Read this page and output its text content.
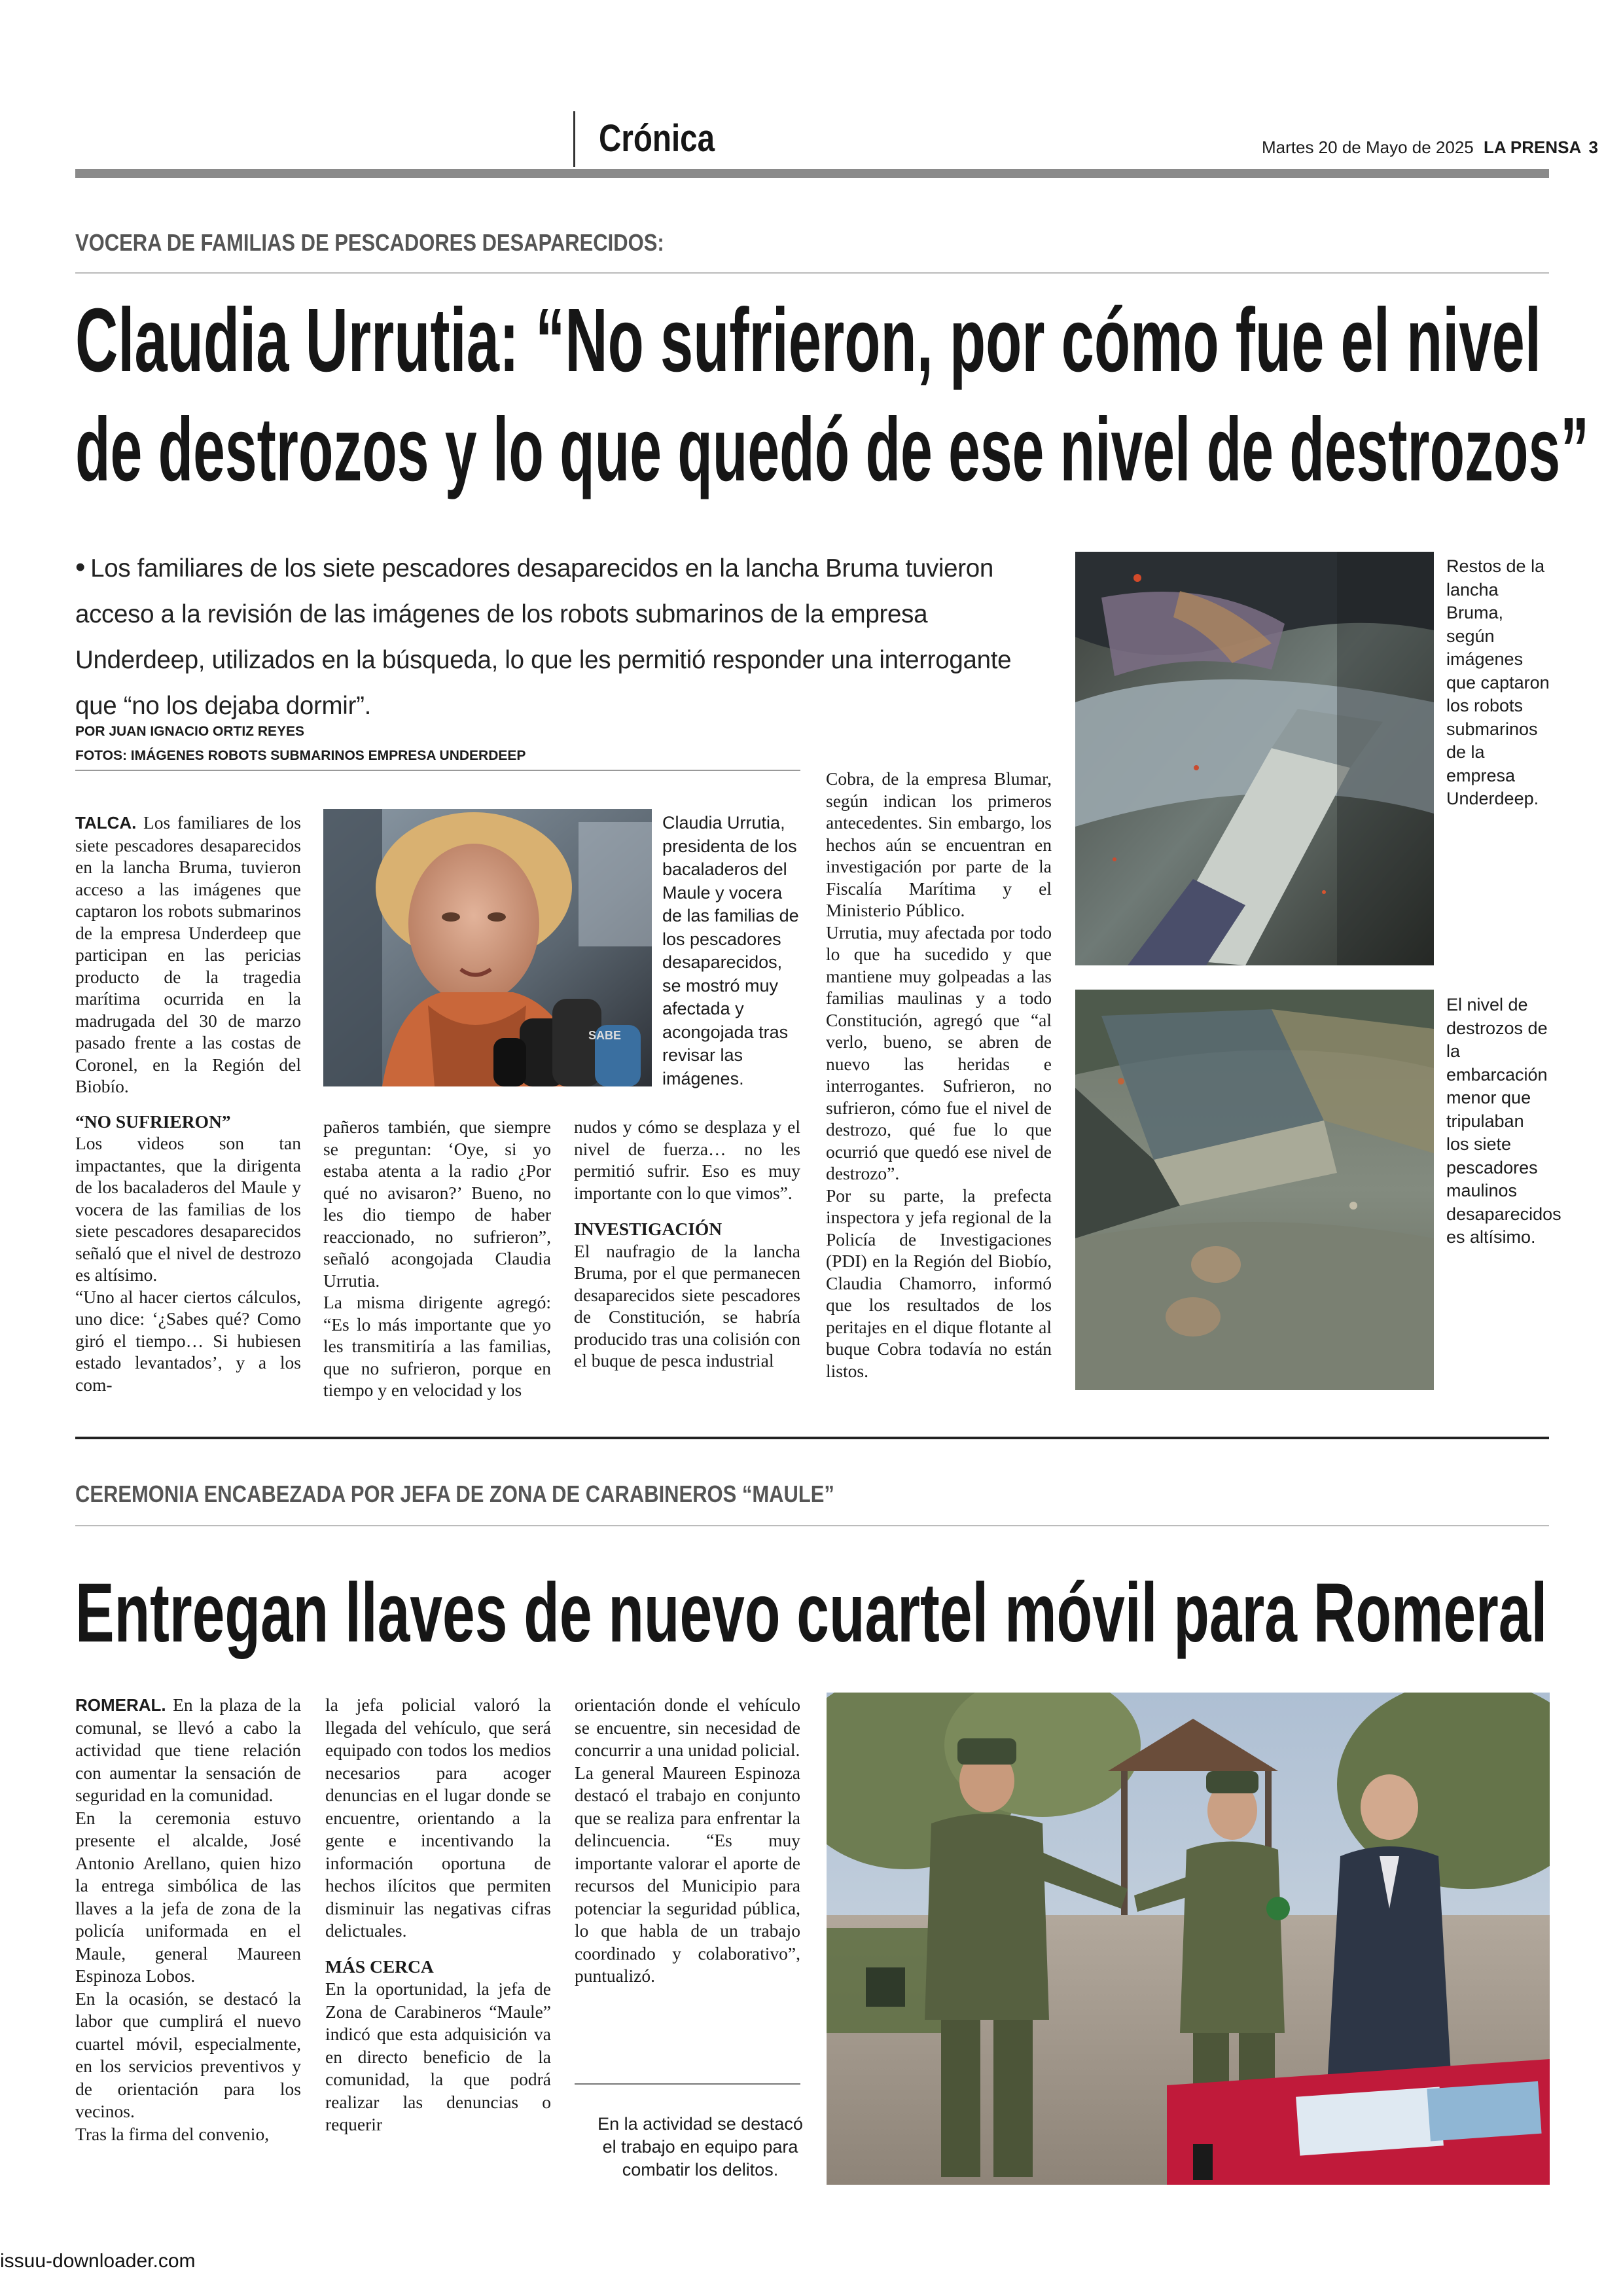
Crónica	Martes 20 de Mayo de 2025 LA PRENSA 3
VOCERA DE FAMILIAS DE PESCADORES DESAPARECIDOS:
Claudia Urrutia: “No sufrieron, por cómo fue el nivel
de destrozos y lo que quedó de ese nivel de destrozos”
• Los familiares de los siete pescadores desaparecidos en la lancha Bruma tuvieron acceso a la revisión de las imágenes de los robots submarinos de la empresa Underdeep, utilizados en la búsqueda, lo que les permitió responder una interrogante que “no los dejaba dormir”.
POR JUAN IGNACIO ORTIZ REYES
FOTOS: IMÁGENES ROBOTS SUBMARINOS EMPRESA UNDERDEEP

TALCA. Los familiares de los siete pescadores desaparecidos en la lancha Bruma, tuvieron acceso a las imágenes que captaron los robots submarinos de la empresa Underdeep que participan en las pericias producto de la tragedia marítima ocurrida en la madrugada del 30 de marzo pasado frente a las costas de Coronel, en la Región del Biobío.

“NO SUFRIERON”

Los videos son tan impactantes, que la dirigenta de los bacaladeros del Maule y vocera de las familias de los siete pescadores desaparecidos señaló que el nivel de destrozo es altísimo.

“Uno al hacer ciertos cálculos, uno dice: ‘¿Sabes qué? Como giró el tiempo… Si hubiesen estado levantados’, y a los com-

SABE
Claudia Urrutia, presidenta de los bacaladeros del Maule y vocera de las familias de los pescadores desaparecidos, se mostró muy afectada y acongojada tras revisar las imágenes.

pañeros también, que siempre se preguntan: ‘Oye, si yo estaba atenta a la radio ¿Por qué no avisaron?’ Bueno, no les dio tiempo de haber reaccionado, no sufrieron”, señaló acongojada Claudia Urrutia.

La misma dirigente agregó: “Es lo más importante que yo les transmitiría a las familias, que no sufrieron, porque en tiempo y en velocidad y los

nudos y cómo se desplaza y el nivel de fuerza… no les permitió sufrir. Eso es muy importante con lo que vimos”.

INVESTIGACIÓN

El naufragio de la lancha Bruma, por el que permanecen desaparecidos siete pescadores de Constitución, se habría producido tras una colisión con el buque de pesca industrial

Cobra, de la empresa Blumar, según indican los primeros antecedentes. Sin embargo, los hechos aún se encuentran en investigación por parte de la Fiscalía Marítima y el Ministerio Público.

Urrutia, muy afectada por todo lo que ha sucedido y que mantiene muy golpeadas a las familias maulinas y a todo Constitución, agregó que “al verlo, bueno, se abren de nuevo las heridas e interrogantes. Sufrieron, no sufrieron, cómo fue el nivel de destrozo, qué fue lo que ocurrió que quedó ese nivel de destrozo”.

Por su parte, la prefecta inspectora y jefa regional de la Policía de Investigaciones (PDI) en la Región del Biobío, Claudia Chamorro, informó que los resultados de los peritajes en el dique flotante al buque Cobra todavía no están listos.

Restos de la lancha Bruma, según imágenes que captaron los robots submarinos de la empresa Underdeep.
El nivel de destrozos de la embarcación menor que tripulaban los siete pescadores maulinos desaparecidos es altísimo.
CEREMONIA ENCABEZADA POR JEFA DE ZONA DE CARABINEROS “MAULE”
Entregan llaves de nuevo cuartel móvil para Romeral

ROMERAL. En la plaza de la comunal, se llevó a cabo la actividad que tiene relación con aumentar la sensación de seguridad en la comunidad.

En la ceremonia estuvo presente el alcalde, José Antonio Arellano, quien hizo la entrega simbólica de las llaves a la jefa de zona de la policía uniformada en el Maule, general Maureen Espinoza Lobos.

En la ocasión, se destacó la labor que cumplirá el nuevo cuartel móvil, especialmente, en los servicios preventivos y de orientación para los vecinos.

Tras la firma del convenio,

la jefa policial valoró la llegada del vehículo, que será equipado con todos los medios necesarios para acoger denuncias en el lugar donde se encuentre, orientando a la gente e incentivando la información oportuna de hechos ilícitos que permiten disminuir las negativas cifras delictuales.

MÁS CERCA

En la oportunidad, la jefa de Zona de Carabineros “Maule” indicó que esta adquisición va en directo beneficio de la comunidad, la que podrá realizar las denuncias o requerir

orientación donde el vehículo se encuentre, sin necesidad de concurrir a una unidad policial.

La general Maureen Espinoza destacó el trabajo en conjunto que se realiza para enfrentar la delincuencia. “Es muy importante valorar el aporte de recursos del Municipio para potenciar la seguridad pública, lo que habla de un trabajo coordinado y colaborativo”, puntualizó.

En la actividad se destacó el trabajo en equipo para combatir los delitos.
issuu-downloader.com
